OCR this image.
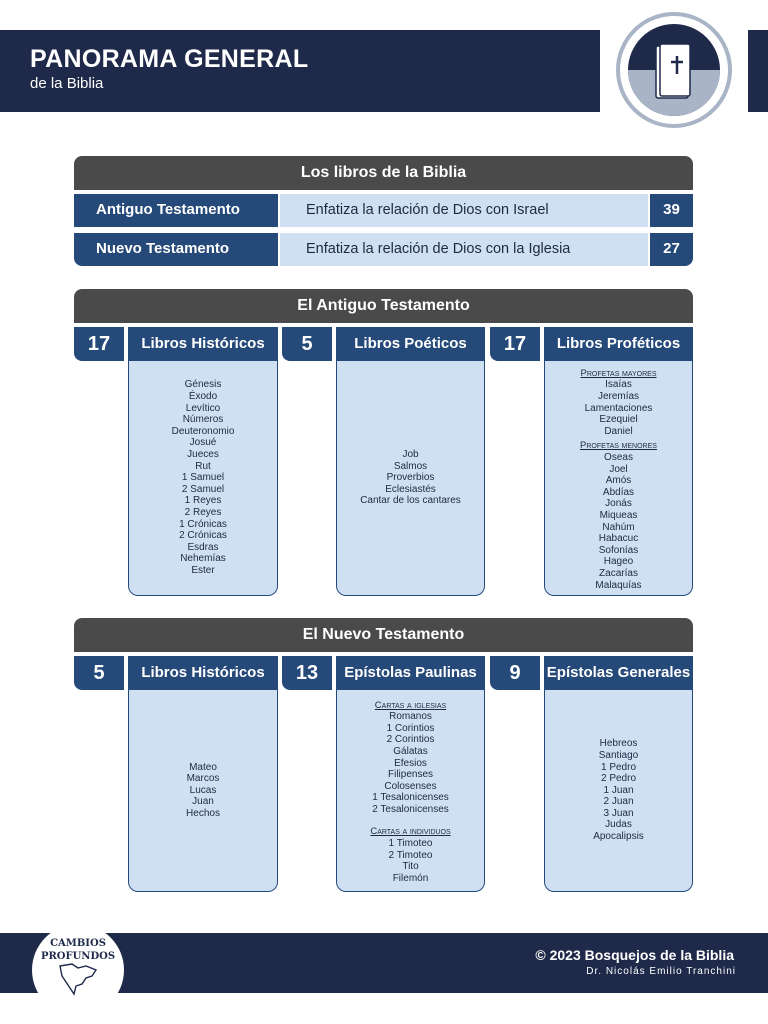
PANORAMA GENERAL
de la Biblia
Los libros de la Biblia
Antiguo Testamento	Enfatiza la relación de Dios con Israel	39
Nuevo Testamento	Enfatiza la relación de Dios con la Iglesia	27
El Antiguo Testamento
17	Libros Históricos
Génesis
Éxodo
Levítico
Números
Deuteronomio
Josué
Jueces
Rut
1 Samuel
2 Samuel
1 Reyes
2 Reyes
1 Crónicas
2 Crónicas
Esdras
Nehemías
Ester
5	Libros Poéticos
Job
Salmos
Proverbios
Eclesiastés
Cantar de los cantares
17	Libros Proféticos
Profetas mayores
Isaías
Jeremías
Lamentaciones
Ezequiel
Daniel
Profetas menores
Oseas
Joel
Amós
Abdías
Jonás
Miqueas
Nahúm
Habacuc
Sofonías
Hageo
Zacarías
Malaquías
El Nuevo Testamento
5	Libros Históricos
Mateo
Marcos
Lucas
Juan
Hechos
13	Epístolas Paulinas
Cartas a iglesias
Romanos
1 Corintios
2 Corintios
Gálatas
Efesios
Filipenses
Colosenses
1 Tesalonicenses
2 Tesalonicenses
Cartas a individuos
1 Timoteo
2 Timoteo
Tito
Filemón
9	Epístolas Generales
Hebreos
Santiago
1 Pedro
2 Pedro
1 Juan
2 Juan
3 Juan
Judas
Apocalipsis
CAMBIOS
PROFUNDOS	© 2023 Bosquejos de la Biblia
Dr. Nicolás Emilio Tranchini
